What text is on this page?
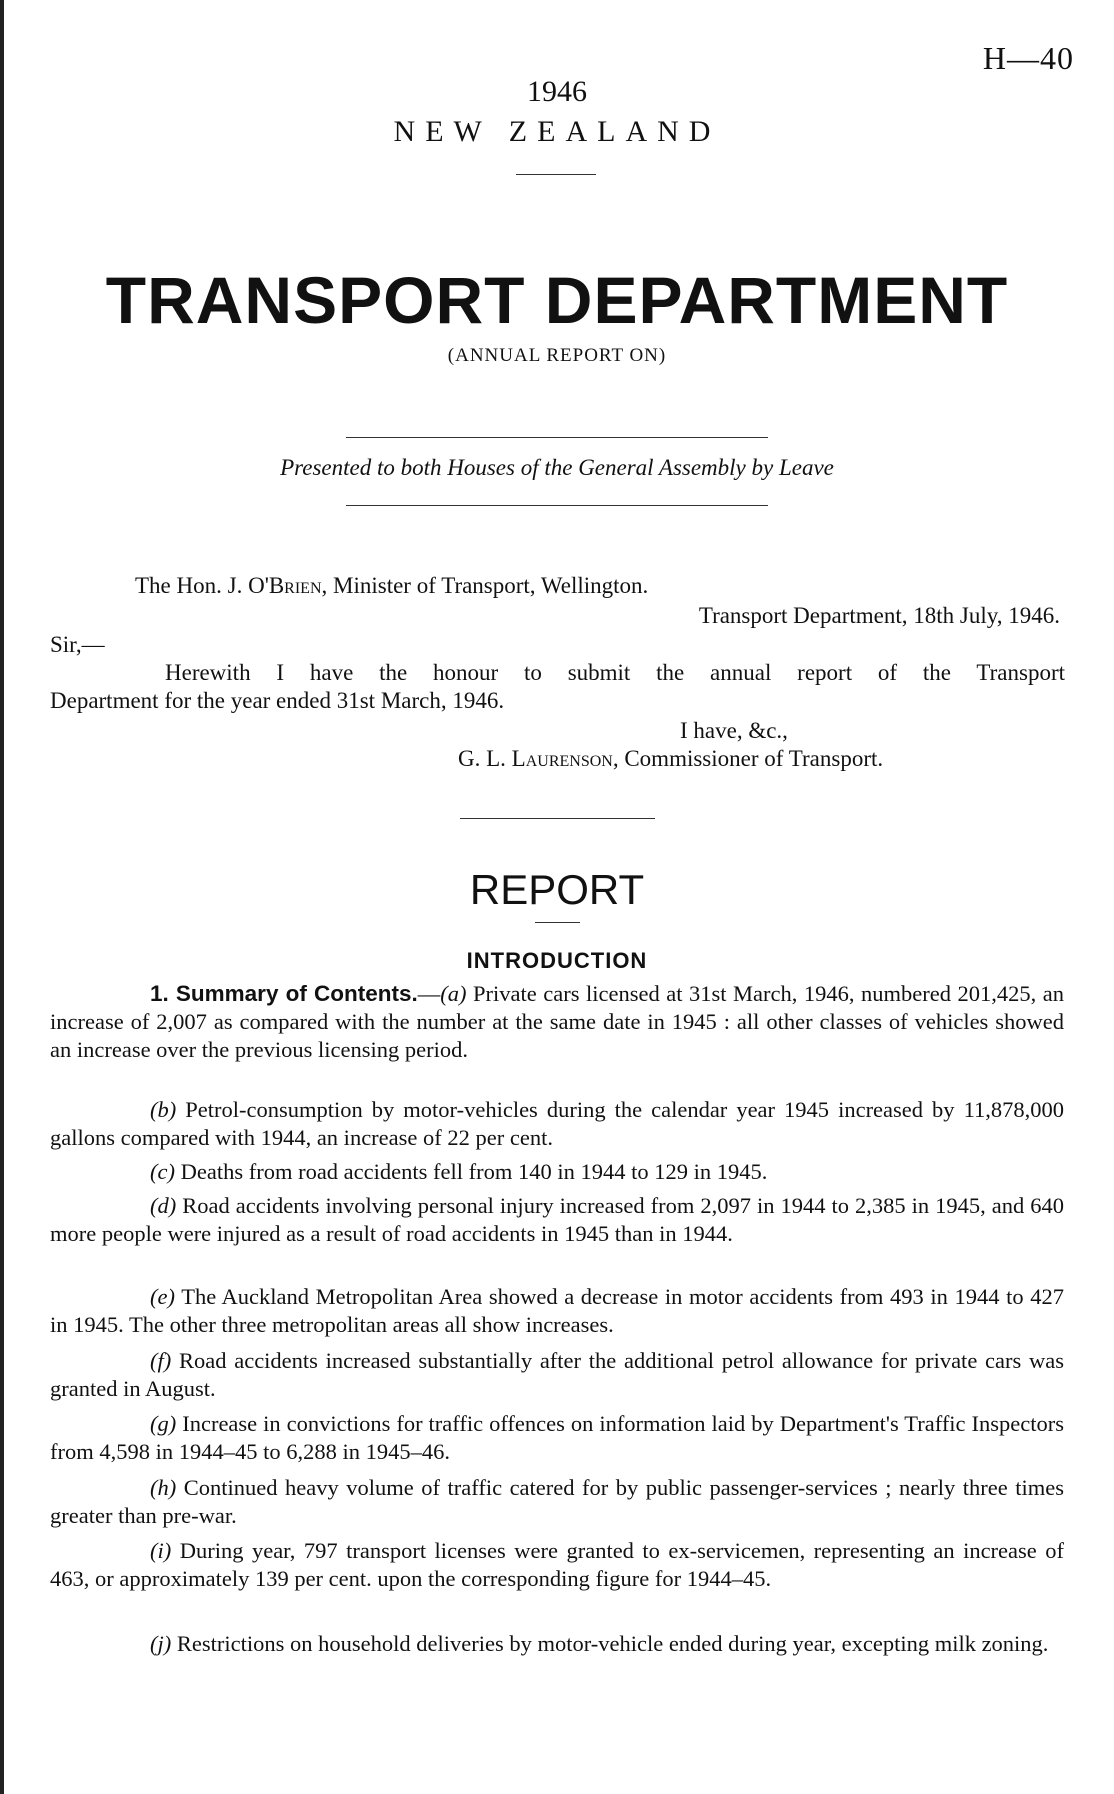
H—40
1946
NEW ZEALAND
TRANSPORT DEPARTMENT
(ANNUAL REPORT ON)
Presented to both Houses of the General Assembly by Leave
The Hon. J. O'Brien, Minister of Transport, Wellington.
Transport Department, 18th July, 1946.
Sir,—
Herewith I have the honour to submit the annual report of the Transport
Department for the year ended 31st March, 1946.
I have, &c.,
G. L. Laurenson, Commissioner of Transport.
REPORT
INTRODUCTION
1. Summary of Contents.—(a) Private cars licensed at 31st March, 1946, numbered 201,425, an increase of 2,007 as compared with the number at the same date in 1945 : all other classes of vehicles showed an increase over the previous licensing period.
(b) Petrol-consumption by motor-vehicles during the calendar year 1945 increased by 11,878,000 gallons compared with 1944, an increase of 22 per cent.
(c) Deaths from road accidents fell from 140 in 1944 to 129 in 1945.
(d) Road accidents involving personal injury increased from 2,097 in 1944 to 2,385 in 1945, and 640 more people were injured as a result of road accidents in 1945 than in 1944.
(e) The Auckland Metropolitan Area showed a decrease in motor accidents from 493 in 1944 to 427 in 1945. The other three metropolitan areas all show increases.
(f) Road accidents increased substantially after the additional petrol allowance for private cars was granted in August.
(g) Increase in convictions for traffic offences on information laid by Department's Traffic Inspectors from 4,598 in 1944–45 to 6,288 in 1945–46.
(h) Continued heavy volume of traffic catered for by public passenger-services ; nearly three times greater than pre-war.
(i) During year, 797 transport licenses were granted to ex-servicemen, representing an increase of 463, or approximately 139 per cent. upon the corresponding figure for 1944–45.
(j) Restrictions on household deliveries by motor-vehicle ended during year, excepting milk zoning.
